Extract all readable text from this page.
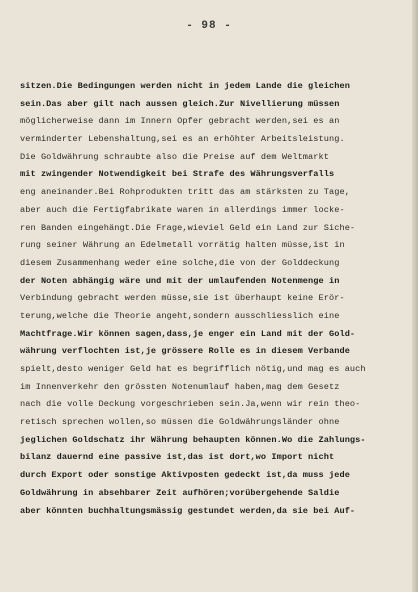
- 98 -
sitzen.Die Bedingungen werden nicht in jedem Lande die gleichen
sein.Das aber gilt nach aussen gleich.Zur Nivellierung müssen
möglicherweise dann im Innern Opfer gebracht werden,sei es an
verminderter Lebenshaltung,sei es an erhöhter Arbeitsleistung.
Die Goldwährung schraubte also die Preise auf dem Weltmarkt
mit zwingender Notwendigkeit bei Strafe des Währungsverfalls
eng aneinander.Bei Rohprodukten tritt das am stärksten zu Tage,
aber auch die Fertigfabrikate waren in allerdings immer locke-
ren Banden eingehängt.Die Frage,wieviel Geld ein Land zur Siche-
rung seiner Währung an Edelmetall vorrätig halten müsse,ist in
diesem Zusammenhang weder eine solche,die von der Golddeckung
der Noten abhängig wäre und mit der umlaufenden Notenmenge in
Verbindung gebracht werden müsse,sie ist überhaupt keine Erör-
terung,welche die Theorie angeht,sondern ausschliesslich eine
Machtfrage.Wir können sagen,dass,je enger ein Land mit der Gold-
währung verflochten ist,je grössere Rolle es in diesem Verbande
spielt,desto weniger Geld hat es begrifflich nötig,und mag es auch
im Innenverkehr den grössten Notenumlauf haben,mag dem Gesetz
nach die volle Deckung vorgeschrieben sein.Ja,wenn wir rein theo-
retisch sprechen wollen,so müssen die Goldwährungsländer ohne
jeglichen Goldschatz ihr Währung behaupten können.Wo die Zahlungs-
bilanz dauernd eine passive ist,das ist dort,wo Import nicht
durch Export oder sonstige Aktivposten gedeckt ist,da muss jede
Goldwährung in absehbarer Zeit aufhören;vorübergehende Saldie
aber könnten buchhaltungsmässig gestundet werden,da sie bei Auf-
